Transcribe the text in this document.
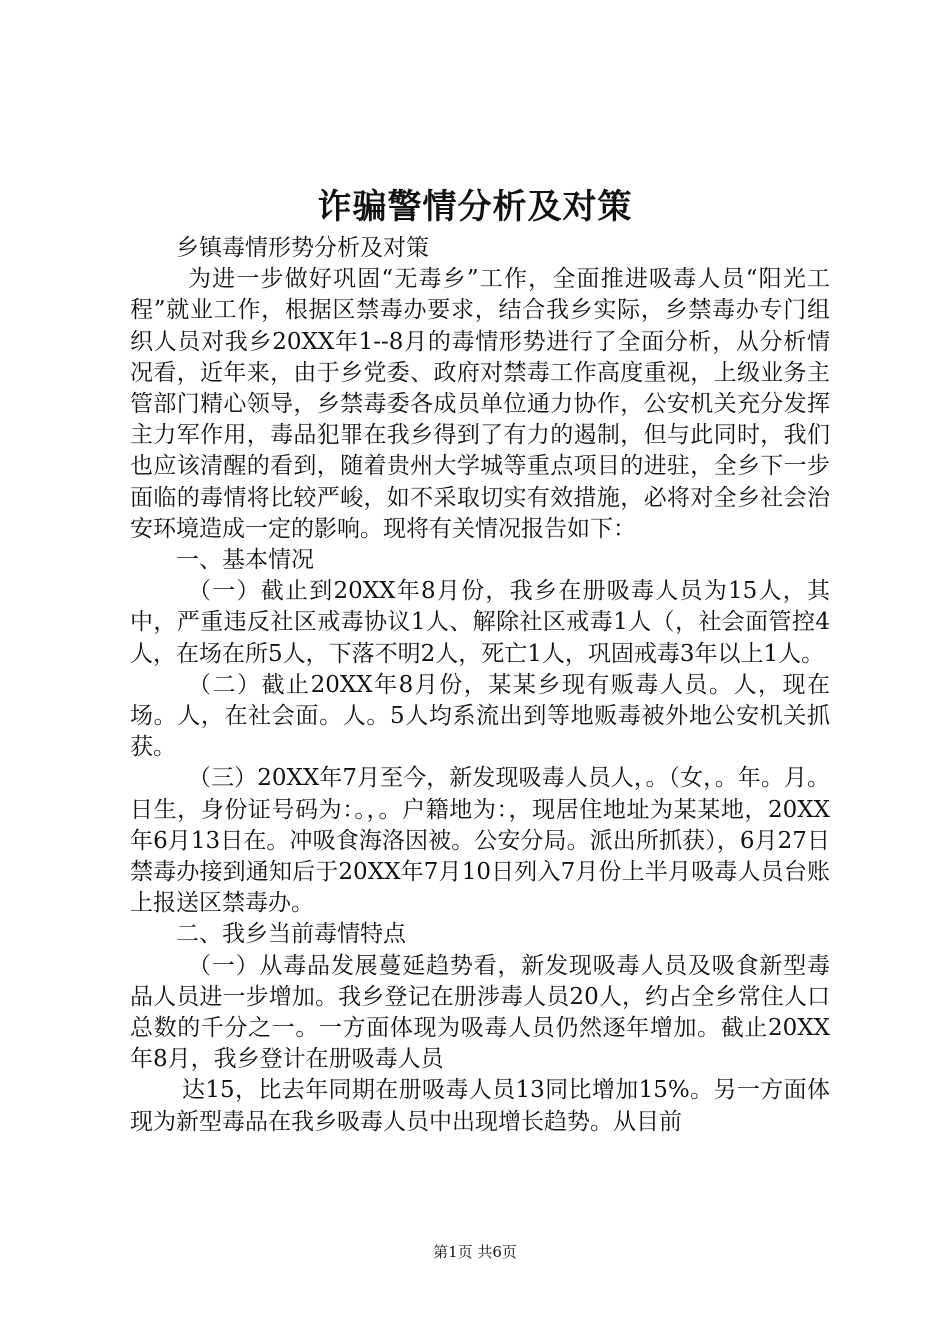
诈骗警情分析及对策

乡镇毒情形势分析及对策

为进一步做好巩固“无毒乡”工作，全面推进吸毒人员“阳光工程”就业工作，根据区禁毒办要求，结合我乡实际，乡禁毒办专门组织人员对我乡20XX年1--8月的毒情形势进行了全面分析，从分析情况看，近年来，由于乡党委、政府对禁毒工作高度重视，上级业务主管部门精心领导，乡禁毒委各成员单位通力协作，公安机关充分发挥主力军作用，毒品犯罪在我乡得到了有力的遏制，但与此同时，我们也应该清醒的看到，随着贵州大学城等重点项目的进驻，全乡下一步面临的毒情将比较严峻，如不采取切实有效措施，必将对全乡社会治安环境造成一定的影响。现将有关情况报告如下：

一、基本情况

（一）截止到20XX年8月份，我乡在册吸毒人员为15人，其中，严重违反社区戒毒协议1人、解除社区戒毒1人（，社会面管控4人，在场在所5人，下落不明2人，死亡1人，巩固戒毒3年以上1人。

（二）截止20XX年8月份，某某乡现有贩毒人员。人，现在场。人，在社会面。人。5人均系流出到等地贩毒被外地公安机关抓获。

（三）20XX年7月至今，新发现吸毒人员人，。（女，。年。月。日生，身份证号码为：。，。户籍地为：，现居住地址为某某地，20XX年6月13日在。冲吸食海洛因被。公安分局。派出所抓获），6月27日禁毒办接到通知后于20XX年7月10日列入7月份上半月吸毒人员台账上报送区禁毒办。

二、我乡当前毒情特点

（一）从毒品发展蔓延趋势看，新发现吸毒人员及吸食新型毒品人员进一步增加。我乡登记在册涉毒人员20人，约占全乡常住人口总数的千分之一。一方面体现为吸毒人员仍然逐年增加。截止20XX年8月，我乡登计在册吸毒人员

达15，比去年同期在册吸毒人员13同比增加15%。另一方面体现为新型毒品在我乡吸毒人员中出现增长趋势。从目前

第1页 共6页
